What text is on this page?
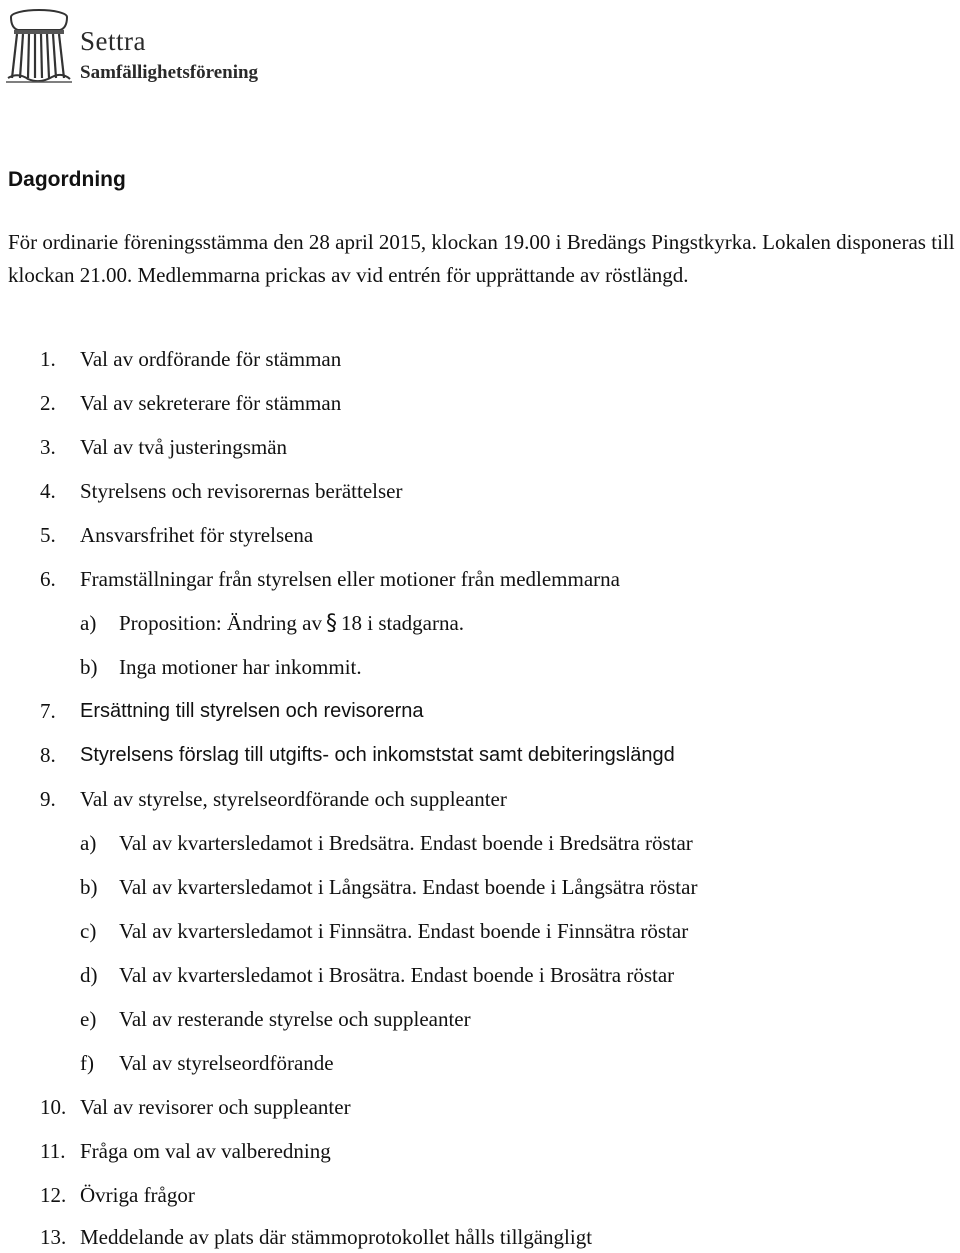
Settra
Samfällighetsförening
Dagordning

För ordinarie föreningsstämma den 28 april 2015, klockan 19.00 i Bredängs Pingstkyrka. Lokalen disponeras till klockan 21.00. Medlemmarna prickas av vid entrén för upprättande av röstlängd.

1. Val av ordförande för stämman
2. Val av sekreterare för stämman
3. Val av två justeringsmän
4. Styrelsens och revisorernas berättelser
5. Ansvarsfrihet för styrelsena
6. Framställningar från styrelsen eller motioner från medlemmarna
a) Proposition: Ändring av § 18 i stadgarna.
b) Inga motioner har inkommit.
7. Ersättning till styrelsen och revisorerna
8. Styrelsens förslag till utgifts- och inkomststat samt debiteringslängd
9. Val av styrelse, styrelseordförande och suppleanter
a) Val av kvartersledamot i Bredsätra. Endast boende i Bredsätra röstar
b) Val av kvartersledamot i Långsätra. Endast boende i Långsätra röstar
c) Val av kvartersledamot i Finnsätra. Endast boende i Finnsätra röstar
d) Val av kvartersledamot i Brosätra. Endast boende i Brosätra röstar
e) Val av resterande styrelse och suppleanter
f) Val av styrelseordförande
10. Val av revisorer och suppleanter
11. Fråga om val av valberedning
12. Övriga frågor
13. Meddelande av plats där stämmoprotokollet hålls tillgängligt
